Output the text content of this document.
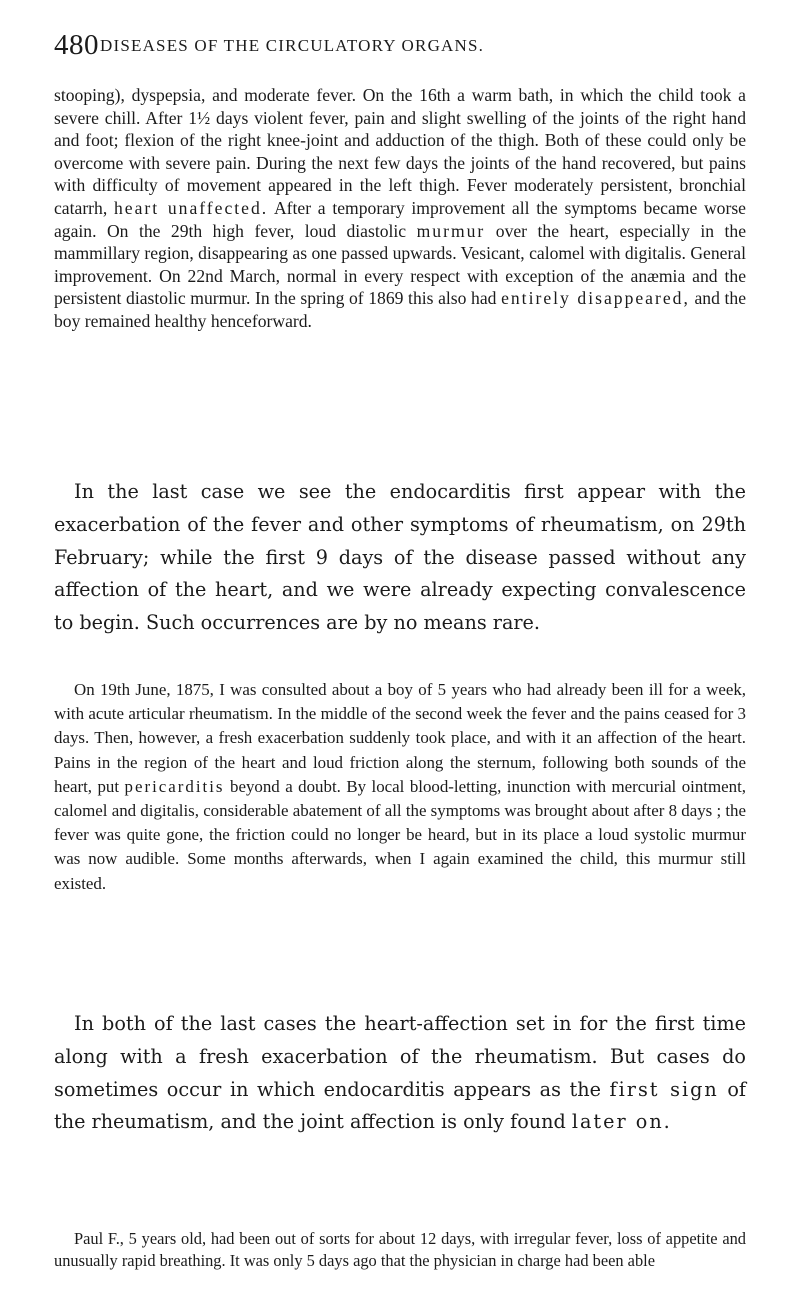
480 DISEASES OF THE CIRCULATORY ORGANS.

stooping), dyspepsia, and moderate fever. On the 16th a warm bath, in which the child took a severe chill. After 1½ days violent fever, pain and slight swelling of the joints of the right hand and foot; flexion of the right knee-joint and adduction of the thigh. Both of these could only be overcome with severe pain. During the next few days the joints of the hand recovered, but pains with difficulty of movement appeared in the left thigh. Fever moderately persistent, bronchial catarrh, heart unaffected. After a temporary improvement all the symptoms became worse again. On the 29th high fever, loud diastolic murmur over the heart, especially in the mammillary region, disappearing as one passed upwards. Vesicant, calomel with digitalis. General improvement. On 22nd March, normal in every respect with exception of the anæmia and the persistent diastolic murmur. In the spring of 1869 this also had entirely disappeared, and the boy remained healthy henceforward.

In the last case we see the endocarditis first appear with the exacerbation of the fever and other symptoms of rheumatism, on 29th February; while the first 9 days of the disease passed without any affection of the heart, and we were already expecting convalescence to begin. Such occurrences are by no means rare.

On 19th June, 1875, I was consulted about a boy of 5 years who had already been ill for a week, with acute articular rheumatism. In the middle of the second week the fever and the pains ceased for 3 days. Then, however, a fresh exacerbation suddenly took place, and with it an affection of the heart. Pains in the region of the heart and loud friction along the sternum, following both sounds of the heart, put pericarditis beyond a doubt. By local blood-letting, inunction with mercurial ointment, calomel and digitalis, considerable abatement of all the symptoms was brought about after 8 days ; the fever was quite gone, the friction could no longer be heard, but in its place a loud systolic murmur was now audible. Some months afterwards, when I again examined the child, this murmur still existed.

In both of the last cases the heart-affection set in for the first time along with a fresh exacerbation of the rheumatism. But cases do sometimes occur in which endocarditis appears as the first sign of the rheumatism, and the joint affection is only found later on.

Paul F., 5 years old, had been out of sorts for about 12 days, with irregular fever, loss of appetite and unusually rapid breathing. It was only 5 days ago that the physician in charge had been able
